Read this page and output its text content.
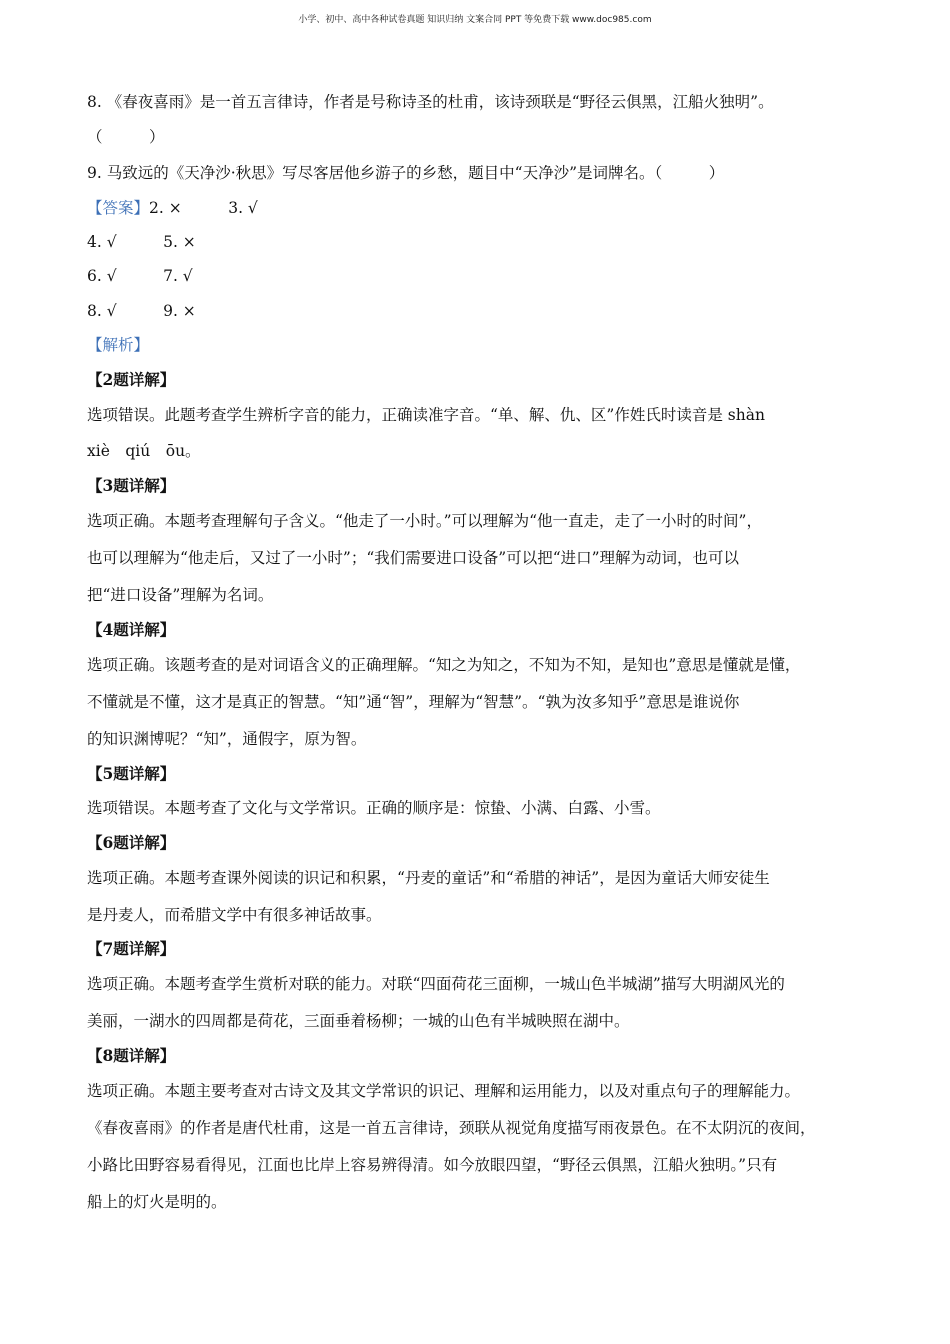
小学、初中、高中各种试卷真题 知识归纳 文案合同 PPT 等免费下载 www.doc985.com
8. 《春夜喜雨》是一首五言律诗，作者是号称诗圣的杜甫，该诗颈联是“野径云俱黑，江船火独明”。
（　　　）
9. 马致远的《天净沙·秋思》写尽客居他乡游子的乡愁，题目中“天净沙”是词牌名。（　　　）
【答案】2. ×　　　3. √
4. √　　　5. ×
6. √　　　7. √
8. √　　　9. ×
【解析】
【2题详解】
选项错误。此题考查学生辨析字音的能力，正确读准字音。“单、解、仇、区”作姓氏时读音是 shàn
xiè　qiú　ōu。
【3题详解】
选项正确。本题考查理解句子含义。“他走了一小时。”可以理解为“他一直走，走了一小时的时间”，
也可以理解为“他走后，又过了一小时”；“我们需要进口设备”可以把“进口”理解为动词，也可以
把“进口设备”理解为名词。
【4题详解】
选项正确。该题考查的是对词语含义的正确理解。“知之为知之，不知为不知，是知也”意思是懂就是懂，
不懂就是不懂，这才是真正的智慧。“知”通“智”，理解为“智慧”。“孰为汝多知乎”意思是谁说你
的知识渊博呢？“知”，通假字，原为智。
【5题详解】
选项错误。本题考查了文化与文学常识。正确的顺序是：惊蛰、小满、白露、小雪。
【6题详解】
选项正确。本题考查课外阅读的识记和积累，“丹麦的童话”和“希腊的神话”，是因为童话大师安徒生
是丹麦人，而希腊文学中有很多神话故事。
【7题详解】
选项正确。本题考查学生赏析对联的能力。对联“四面荷花三面柳，一城山色半城湖”描写大明湖风光的
美丽，一湖水的四周都是荷花，三面垂着杨柳；一城的山色有半城映照在湖中。
【8题详解】
选项正确。本题主要考查对古诗文及其文学常识的识记、理解和运用能力，以及对重点句子的理解能力。
《春夜喜雨》的作者是唐代杜甫，这是一首五言律诗，颈联从视觉角度描写雨夜景色。在不太阴沉的夜间，
小路比田野容易看得见，江面也比岸上容易辨得清。如今放眼四望，“野径云俱黑，江船火独明。”只有
船上的灯火是明的。
